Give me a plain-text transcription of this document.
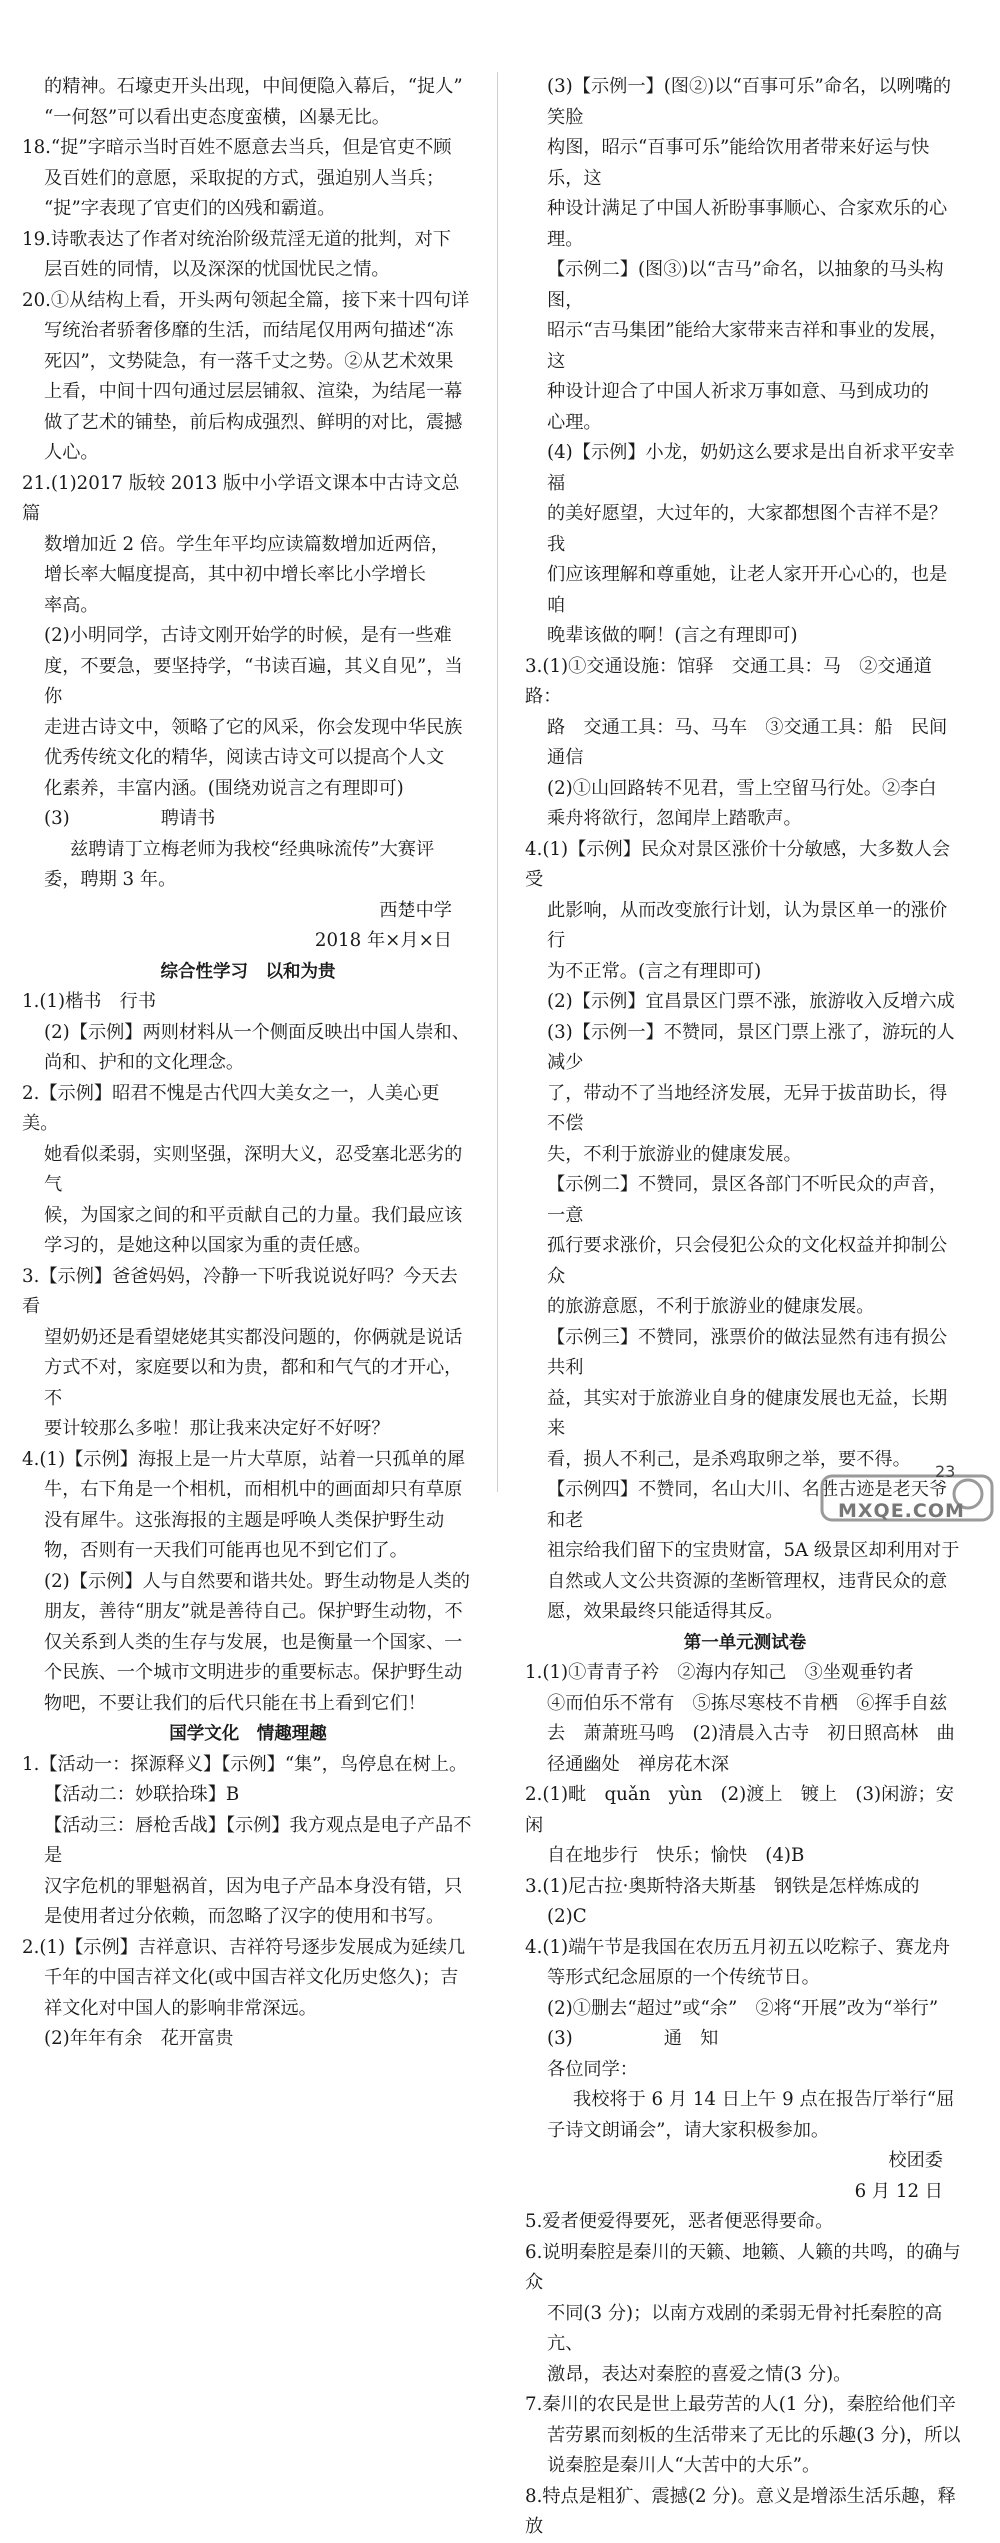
的精神。石壕吏开头出现，中间便隐入幕后，“捉人”

“一何怒”可以看出吏态度蛮横，凶暴无比。

18.“捉”字暗示当时百姓不愿意去当兵，但是官吏不顾

及百姓们的意愿，采取捉的方式，强迫别人当兵；

“捉”字表现了官吏们的凶残和霸道。

19.诗歌表达了作者对统治阶级荒淫无道的批判，对下

层百姓的同情，以及深深的忧国忧民之情。

20.①从结构上看，开头两句领起全篇，接下来十四句详

写统治者骄奢侈靡的生活，而结尾仅用两句描述“冻

死囚”，文势陡急，有一落千丈之势。②从艺术效果

上看，中间十四句通过层层铺叙、渲染，为结尾一幕

做了艺术的铺垫，前后构成强烈、鲜明的对比，震撼

人心。

21.(1)2017 版较 2013 版中小学语文课本中古诗文总篇

数增加近 2 倍。学生年平均应读篇数增加近两倍，

增长率大幅度提高，其中初中增长率比小学增长

率高。

(2)小明同学，古诗文刚开始学的时候，是有一些难

度，不要急，要坚持学，“书读百遍，其义自见”，当你

走进古诗文中，领略了它的风采，你会发现中华民族

优秀传统文化的精华，阅读古诗文可以提高个人文

化素养，丰富内涵。(围绕劝说言之有理即可)

(3)　　　　　聘请书

兹聘请丁立梅老师为我校“经典咏流传”大赛评

委，聘期 3 年。

西楚中学

2018 年×月×日

综合性学习　以和为贵

1.(1)楷书　行书

(2)【示例】两则材料从一个侧面反映出中国人崇和、

尚和、护和的文化理念。

2.【示例】昭君不愧是古代四大美女之一，人美心更美。

她看似柔弱，实则坚强，深明大义，忍受塞北恶劣的气

候，为国家之间的和平贡献自己的力量。我们最应该

学习的，是她这种以国家为重的责任感。

3.【示例】爸爸妈妈，冷静一下听我说说好吗？今天去看

望奶奶还是看望姥姥其实都没问题的，你俩就是说话

方式不对，家庭要以和为贵，都和和气气的才开心，不

要计较那么多啦！那让我来决定好不好呀？

4.(1)【示例】海报上是一片大草原，站着一只孤单的犀

牛，右下角是一个相机，而相机中的画面却只有草原

没有犀牛。这张海报的主题是呼唤人类保护野生动

物，否则有一天我们可能再也见不到它们了。

(2)【示例】人与自然要和谐共处。野生动物是人类的

朋友，善待“朋友”就是善待自己。保护野生动物，不

仅关系到人类的生存与发展，也是衡量一个国家、一

个民族、一个城市文明进步的重要标志。保护野生动

物吧，不要让我们的后代只能在书上看到它们！

国学文化　情趣理趣

1.【活动一：探源释义】【示例】“集”，鸟停息在树上。

【活动二：妙联拾珠】B

【活动三：唇枪舌战】【示例】我方观点是电子产品不是

汉字危机的罪魁祸首，因为电子产品本身没有错，只

是使用者过分依赖，而忽略了汉字的使用和书写。

2.(1)【示例】吉祥意识、吉祥符号逐步发展成为延续几

千年的中国吉祥文化(或中国吉祥文化历史悠久)；吉

祥文化对中国人的影响非常深远。

(2)年年有余　花开富贵

(3)【示例一】(图②)以“百事可乐”命名，以咧嘴的笑脸

构图，昭示“百事可乐”能给饮用者带来好运与快乐，这

种设计满足了中国人祈盼事事顺心、合家欢乐的心理。

【示例二】(图③)以“吉马”命名，以抽象的马头构图，

昭示“吉马集团”能给大家带来吉祥和事业的发展，这

种设计迎合了中国人祈求万事如意、马到成功的

心理。

(4)【示例】小龙，奶奶这么要求是出自祈求平安幸福

的美好愿望，大过年的，大家都想图个吉祥不是？我

们应该理解和尊重她，让老人家开开心心的，也是咱

晚辈该做的啊！(言之有理即可)

3.(1)①交通设施：馆驿　交通工具：马　②交通道路：

路　交通工具：马、马车　③交通工具：船　民间通信

(2)①山回路转不见君，雪上空留马行处。②李白

乘舟将欲行，忽闻岸上踏歌声。

4.(1)【示例】民众对景区涨价十分敏感，大多数人会受

此影响，从而改变旅行计划，认为景区单一的涨价行

为不正常。(言之有理即可)

(2)【示例】宜昌景区门票不涨，旅游收入反增六成

(3)【示例一】不赞同，景区门票上涨了，游玩的人减少

了，带动不了当地经济发展，无异于拔苗助长，得不偿

失，不利于旅游业的健康发展。

【示例二】不赞同，景区各部门不听民众的声音，一意

孤行要求涨价，只会侵犯公众的文化权益并抑制公众

的旅游意愿，不利于旅游业的健康发展。

【示例三】不赞同，涨票价的做法显然有违有损公共利

益，其实对于旅游业自身的健康发展也无益，长期来

看，损人不利己，是杀鸡取卵之举，要不得。

【示例四】不赞同，名山大川、名胜古迹是老天爷和老

祖宗给我们留下的宝贵财富，5A 级景区却利用对于

自然或人文公共资源的垄断管理权，违背民众的意

愿，效果最终只能适得其反。

第一单元测试卷

1.(1)①青青子衿　②海内存知己　③坐观垂钓者

④而伯乐不常有　⑤拣尽寒枝不肯栖　⑥挥手自兹

去　萧萧班马鸣　(2)清晨入古寺　初日照高林　曲

径通幽处　禅房花木深

2.(1)毗　quǎn　yùn　(2)渡上　镀上　(3)闲游；安闲

自在地步行　快乐；愉快　(4)B

3.(1)尼古拉·奥斯特洛夫斯基　钢铁是怎样炼成的

(2)C

4.(1)端午节是我国在农历五月初五以吃粽子、赛龙舟

等形式纪念屈原的一个传统节日。

(2)①删去“超过”或“余”　②将“开展”改为“举行”

(3)　　　　　通　知

各位同学：

我校将于 6 月 14 日上午 9 点在报告厅举行“屈

子诗文朗诵会”，请大家积极参加。

校团委

6 月 12 日

5.爱者便爱得要死，恶者便恶得要命。

6.说明秦腔是秦川的天籁、地籁、人籁的共鸣，的确与众

不同(3 分)；以南方戏剧的柔弱无骨衬托秦腔的高亢、

激昂，表达对秦腔的喜爱之情(3 分)。

7.秦川的农民是世上最劳苦的人(1 分)，秦腔给他们辛

苦劳累而刻板的生活带来了无比的乐趣(3 分)，所以

说秦腔是秦川人“大苦中的大乐”。

8.特点是粗犷、震撼(2 分)。意义是增添生活乐趣，释放

MXQE.COM
23
